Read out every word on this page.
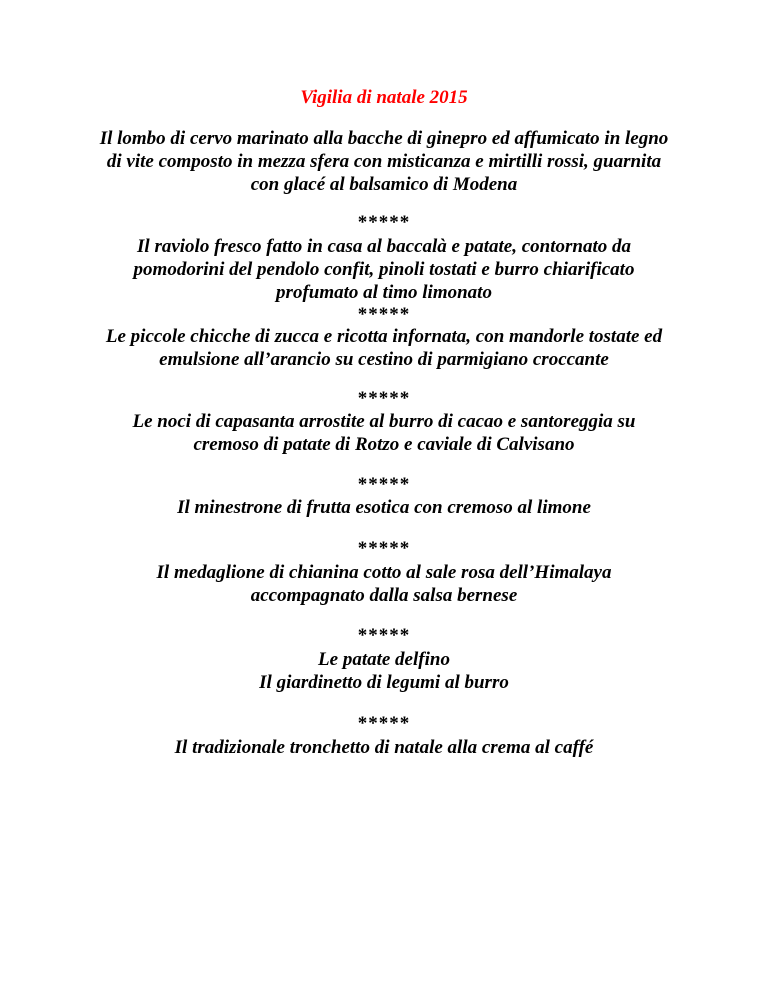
Vigilia di natale 2015

Il lombo di cervo marinato alla bacche di ginepro ed affumicato in legno

di vite composto in mezza sfera con misticanza e mirtilli rossi, guarnita

con glacé al balsamico di Modena

*****

Il raviolo fresco fatto in casa al baccalà e patate, contornato da

pomodorini del pendolo confit, pinoli tostati e burro chiarificato

profumato al timo limonato

*****

Le piccole chicche di zucca e ricotta infornata, con mandorle tostate ed

emulsione all’arancio su cestino di parmigiano croccante

*****

Le noci di capasanta arrostite al burro di cacao e santoreggia su

cremoso di patate di Rotzo e caviale di Calvisano

*****

Il minestrone di frutta esotica con cremoso al limone

*****

Il medaglione di chianina cotto al sale rosa dell’Himalaya

accompagnato dalla salsa bernese

*****

Le patate delfino

Il giardinetto di legumi al burro

*****

Il tradizionale tronchetto di natale alla crema al caffé
